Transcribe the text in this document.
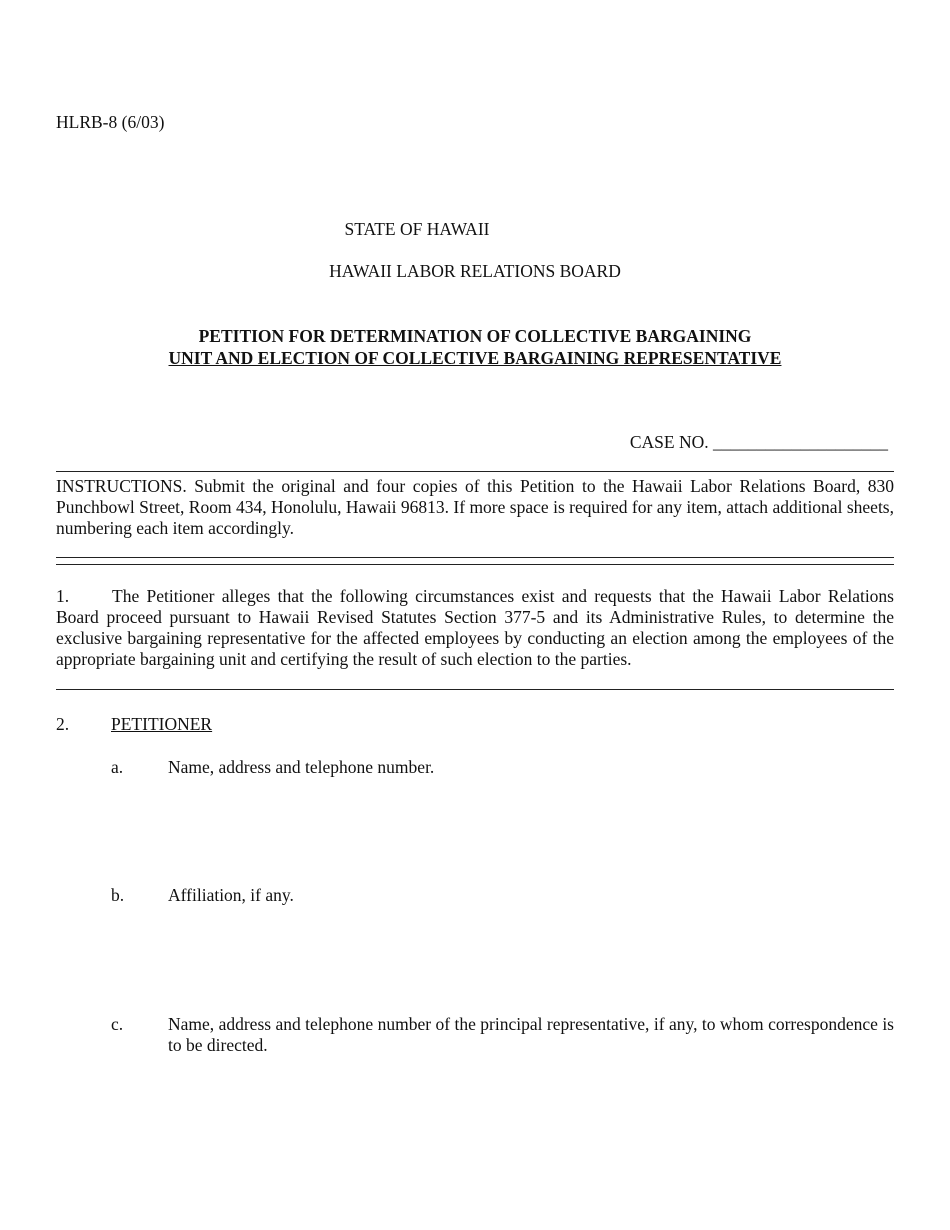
HLRB-8 (6/03)
STATE OF HAWAII
HAWAII LABOR RELATIONS BOARD
PETITION FOR DETERMINATION OF COLLECTIVE BARGAINING
UNIT AND ELECTION OF COLLECTIVE BARGAINING REPRESENTATIVE
CASE NO. ____________________
INSTRUCTIONS. Submit the original and four copies of this Petition to the Hawaii Labor Relations Board, 830 Punchbowl Street, Room 434, Honolulu, Hawaii 96813. If more space is required for any item, attach additional sheets, numbering each item accordingly.
1. The Petitioner alleges that the following circumstances exist and requests that the Hawaii Labor Relations Board proceed pursuant to Hawaii Revised Statutes Section 377-5 and its Administrative Rules, to determine the exclusive bargaining representative for the affected employees by conducting an election among the employees of the appropriate bargaining unit and certifying the result of such election to the parties.
2. PETITIONER
a.	Name, address and telephone number.
b.	Affiliation, if any.
c.	Name, address and telephone number of the principal representative, if any, to whom correspondence is to be directed.
